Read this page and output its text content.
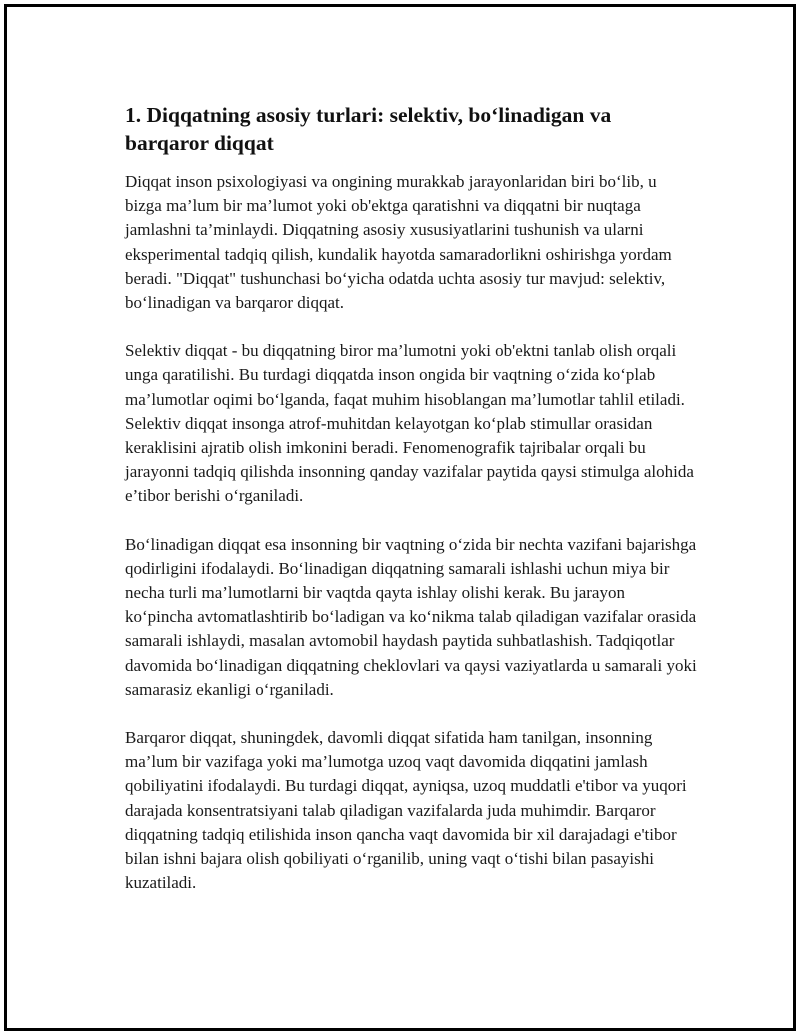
1. Diqqatning asosiy turlari: selektiv, bo‘linadigan va barqaror diqqat

Diqqat inson psixologiyasi va ongining murakkab jarayonlaridan biri bo‘lib, u bizga ma’lum bir ma’lumot yoki ob'ektga qaratishni va diqqatni bir nuqtaga jamlashni ta’minlaydi. Diqqatning asosiy xususiyatlarini tushunish va ularni eksperimental tadqiq qilish, kundalik hayotda samaradorlikni oshirishga yordam beradi. "Diqqat" tushunchasi bo‘yicha odatda uchta asosiy tur mavjud: selektiv, bo‘linadigan va barqaror diqqat.

Selektiv diqqat - bu diqqatning biror ma’lumotni yoki ob'ektni tanlab olish orqali unga qaratilishi. Bu turdagi diqqatda inson ongida bir vaqtning o‘zida ko‘plab ma’lumotlar oqimi bo‘lganda, faqat muhim hisoblangan ma’lumotlar tahlil etiladi. Selektiv diqqat insonga atrof-muhitdan kelayotgan ko‘plab stimullar orasidan keraklisini ajratib olish imkonini beradi. Fenomenografik tajribalar orqali bu jarayonni tadqiq qilishda insonning qanday vazifalar paytida qaysi stimulga alohida e’tibor berishi o‘rganiladi.

Bo‘linadigan diqqat esa insonning bir vaqtning o‘zida bir nechta vazifani bajarishga qodirligini ifodalaydi. Bo‘linadigan diqqatning samarali ishlashi uchun miya bir necha turli ma’lumotlarni bir vaqtda qayta ishlay olishi kerak. Bu jarayon ko‘pincha avtomatlashtirib bo‘ladigan va ko‘nikma talab qiladigan vazifalar orasida samarali ishlaydi, masalan avtomobil haydash paytida suhbatlashish. Tadqiqotlar davomida bo‘linadigan diqqatning cheklovlari va qaysi vaziyatlarda u samarali yoki samarasiz ekanligi o‘rganiladi.

Barqaror diqqat, shuningdek, davomli diqqat sifatida ham tanilgan, insonning ma’lum bir vazifaga yoki ma’lumotga uzoq vaqt davomida diqqatini jamlash qobiliyatini ifodalaydi. Bu turdagi diqqat, ayniqsa, uzoq muddatli e'tibor va yuqori darajada konsentratsiyani talab qiladigan vazifalarda juda muhimdir. Barqaror diqqatning tadqiq etilishida inson qancha vaqt davomida bir xil darajadagi e'tibor bilan ishni bajara olish qobiliyati o‘rganilib, uning vaqt o‘tishi bilan pasayishi kuzatiladi.
